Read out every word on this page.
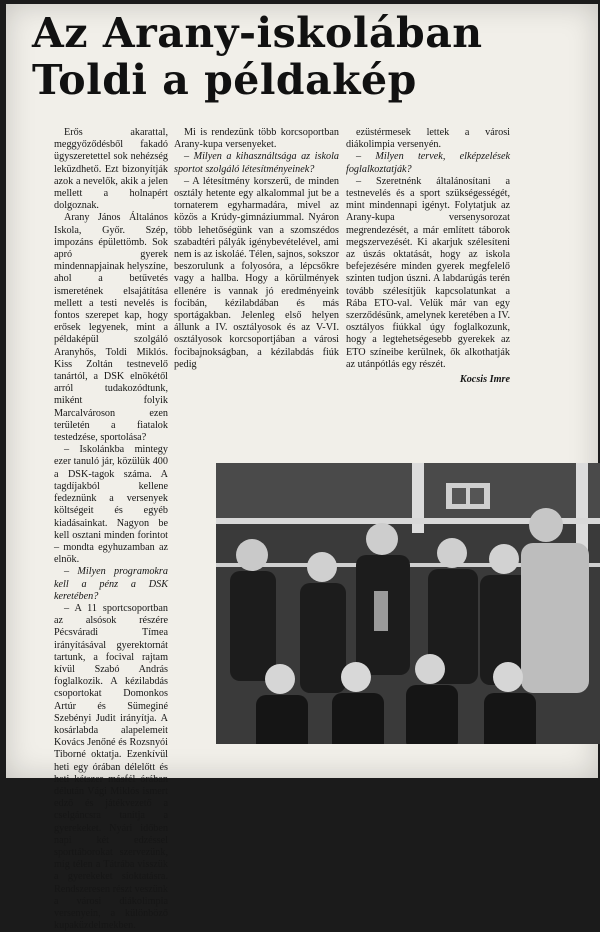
Az Arany-iskolában
Toldi a példakép

Erős akarattal, meggyőződésből fakadó ügyszeretettel sok nehézség leküzdhető. Ezt bizonyítják azok a nevelők, akik a jelen mellett a holnapért dolgoznak.

Arany János Általános Iskola, Győr. Szép, impozáns épülettömb. Sok apró gyerek mindennapjainak helyszíne, ahol a betűvetés ismeretének elsajátítása mellett a testi nevelés is fontos szerepet kap, hogy erősek legyenek, mint a példaképül szolgáló Aranyhős, Toldi Miklós. Kiss Zoltán testnevelő tanártól, a DSK elnökétől arról tudakozódtunk, miként folyik Marcalvároson ezen területén a fiatalok testedzése, sportolása?

– Iskolánkba mintegy ezer tanuló jár, közülük 400 a DSK-tagok száma. A tagdíjakból kellene fedeznünk a versenyek költségeit és egyéb kiadásainkat. Nagyon be kell osztani minden forintot – mondta egyhuzamban az elnök.

– Milyen programokra kell a pénz a DSK keretében?

– A 11 sportcsoportban az alsósok részére Pécsváradi Tímea irányításával gyerektornát tartunk, a focival rajtam kívül Szabó András foglalkozik. A kézilabdás csoportokat Domonkos Artúr és Sümeginé Szebényi Judit irányítja. A kosárlabda alapelemeit Kovács Jenőné és Rozsnyói Tiborné oktatja. Ezenkívül heti egy órában délelőtt és heti kétszer másfél órában délután Vági Miklós ismert edző és játékvezető a cselgáncsra tanítja a gyerekeket. Nyári időben napi két edzéssel sporttáborokat szervezünk, míg télen a Tátrába visszük a gyerekeket síoktatásra. Rendszeresen részt veszünk a városi diákolimpia versenyein, a különböző kupaküzdelmekben.

Mi is rendezünk több korcsoportban Arany-kupa versenyeket.

– Milyen a kihasználtsága az iskola sportot szolgáló létesítményeinek?

– A létesítmény korszerű, de minden osztály hetente egy alkalommal jut be a tornaterem egyharmadára, mivel az közös a Krúdy-gimnáziummal. Nyáron több lehetőségünk van a szomszédos szabadtéri pályák igénybevételével, ami nem is az iskoláé. Télen, sajnos, sokszor beszorulunk a folyosóra, a lépcsőkre vagy a hallba. Hogy a körülmények ellenére is vannak jó eredményeink focibán, kézilabdában és más sportágakban. Jelenleg első helyen állunk a IV. osztályosok és az V-VI. osztályosok korcsoportjában a városi focibajnokságban, a kézilabdás fiúk pedig

ezüstérmesek lettek a városi diákolimpia versenyén.

– Milyen tervek, elképzelések foglalkoztatják?

– Szeretnénk általánosítani a testnevelés és a sport szükségességét, mint mindennapi igényt. Folytatjuk az Arany-kupa versenysorozat megrendezését, a már említett táborok megszervezését. Ki akarjuk szélesíteni az úszás oktatását, hogy az iskola befejezésére minden gyerek megfelelő szinten tudjon úszni. A labdarúgás terén tovább szélesítjük kapcsolatunkat a Rába ETO-val. Velük már van egy szerződésünk, amelynek keretében a IV. osztályos fiúkkal úgy foglalkozunk, hogy a legtehetségesebb gyerekek az ETO színeibe kerülnek, ők alkothatják az utánpótlás egy részét.

Kocsis Imre
